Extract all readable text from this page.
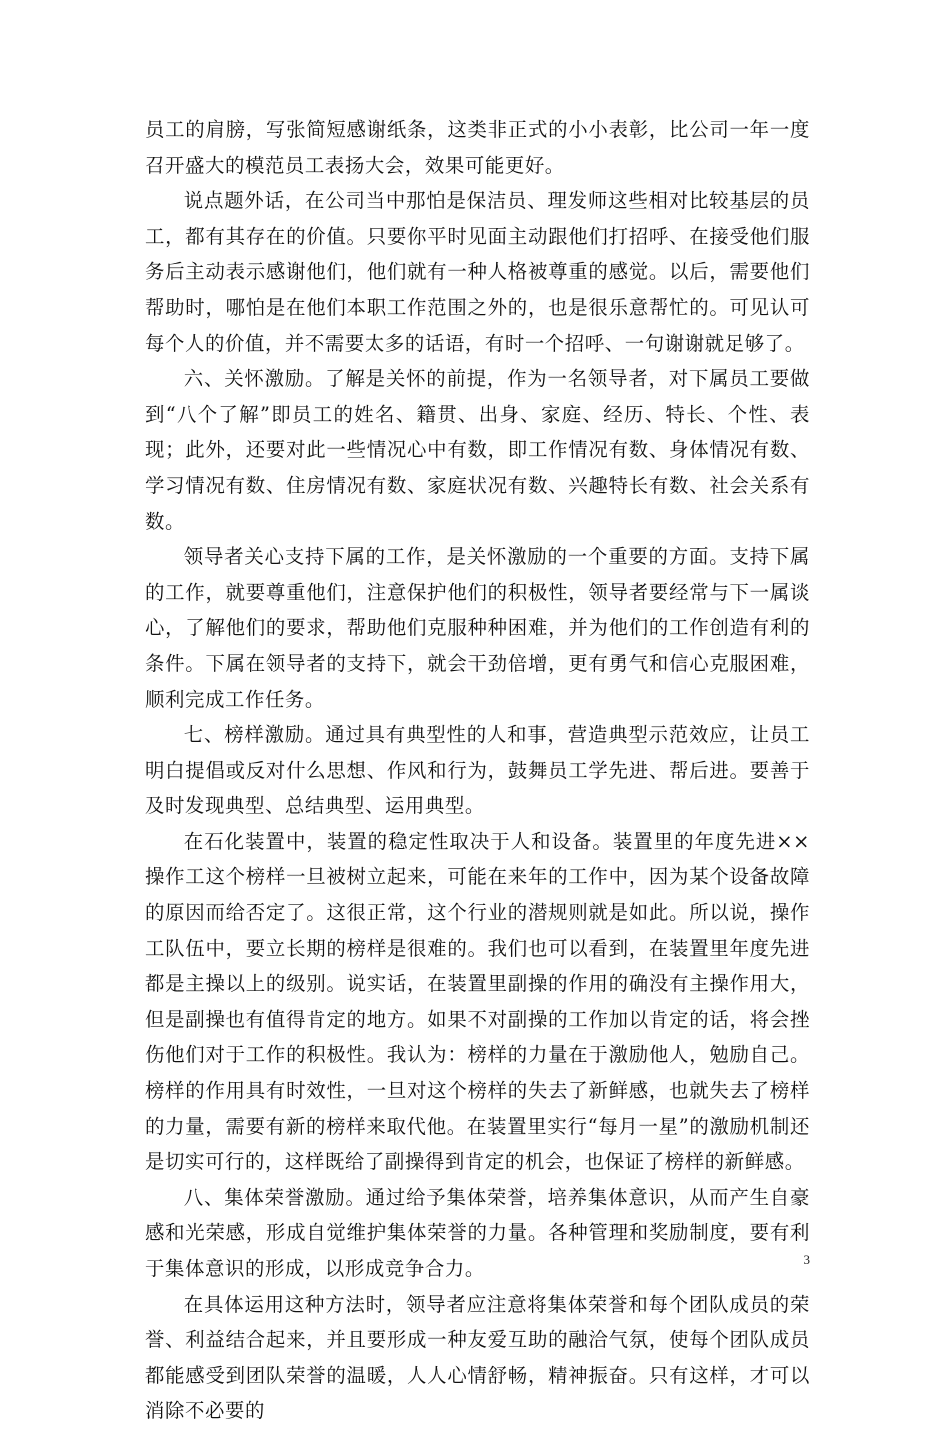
员工的肩膀，写张简短感谢纸条，这类非正式的小小表彰，比公司一年一度召开盛大的模范员工表扬大会，效果可能更好。

说点题外话，在公司当中那怕是保洁员、理发师这些相对比较基层的员工，都有其存在的价值。只要你平时见面主动跟他们打招呼、在接受他们服务后主动表示感谢他们，他们就有一种人格被尊重的感觉。以后，需要他们帮助时，哪怕是在他们本职工作范围之外的，也是很乐意帮忙的。可见认可每个人的价值，并不需要太多的话语，有时一个招呼、一句谢谢就足够了。

六、关怀激励。了解是关怀的前提，作为一名领导者，对下属员工要做到“八个了解”即员工的姓名、籍贯、出身、家庭、经历、特长、个性、表现；此外，还要对此一些情况心中有数，即工作情况有数、身体情况有数、学习情况有数、住房情况有数、家庭状况有数、兴趣特长有数、社会关系有数。

领导者关心支持下属的工作，是关怀激励的一个重要的方面。支持下属的工作，就要尊重他们，注意保护他们的积极性，领导者要经常与下一属谈心，了解他们的要求，帮助他们克服种种困难，并为他们的工作创造有利的条件。下属在领导者的支持下，就会干劲倍增，更有勇气和信心克服困难，顺利完成工作任务。

七、榜样激励。通过具有典型性的人和事，营造典型示范效应，让员工明白提倡或反对什么思想、作风和行为，鼓舞员工学先进、帮后进。要善于及时发现典型、总结典型、运用典型。

在石化装置中，装置的稳定性取决于人和设备。装置里的年度先进××操作工这个榜样一旦被树立起来，可能在来年的工作中，因为某个设备故障的原因而给否定了。这很正常，这个行业的潜规则就是如此。所以说，操作工队伍中，要立长期的榜样是很难的。我们也可以看到，在装置里年度先进都是主操以上的级别。说实话，在装置里副操的作用的确没有主操作用大，但是副操也有值得肯定的地方。如果不对副操的工作加以肯定的话，将会挫伤他们对于工作的积极性。我认为：榜样的力量在于激励他人，勉励自己。榜样的作用具有时效性，一旦对这个榜样的失去了新鲜感，也就失去了榜样的力量，需要有新的榜样来取代他。在装置里实行“每月一星”的激励机制还是切实可行的，这样既给了副操得到肯定的机会，也保证了榜样的新鲜感。

八、集体荣誉激励。通过给予集体荣誉，培养集体意识，从而产生自豪感和光荣感，形成自觉维护集体荣誉的力量。各种管理和奖励制度，要有利于集体意识的形成，以形成竞争合力。

在具体运用这种方法时，领导者应注意将集体荣誉和每个团队成员的荣誉、利益结合起来，并且要形成一种友爱互助的融洽气氛，使每个团队成员都能感受到团队荣誉的温暖，人人心情舒畅，精神振奋。只有这样，才可以消除不必要的

3
